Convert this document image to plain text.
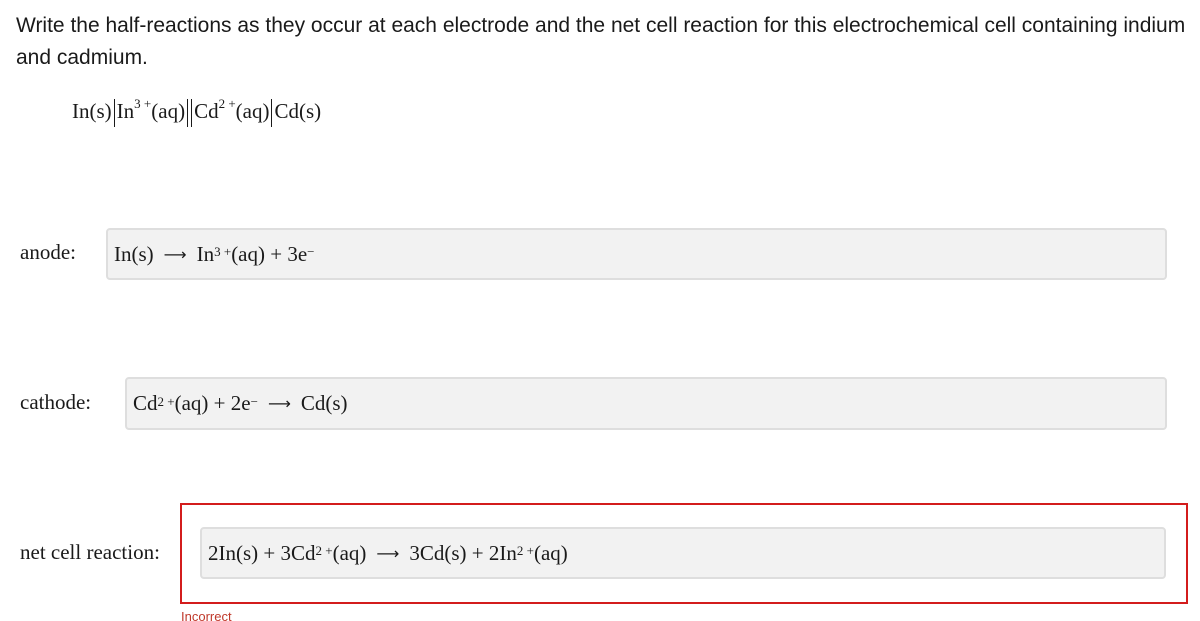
Write the half-reactions as they occur at each electrode and the net cell reaction for this electrochemical cell containing indium and cadmium.
In(s) $In^{3 +}(aq)$ $Cd^{2 +}(aq)$ Cd(s)
anode: In(s) ⟶ $In^{3 +}$ (aq) + 3e−
cathode: $Cd^{2 +}$ (aq) + 2e− ⟶ Cd(s)
net cell reaction: $2In(s) + 3Cd^{2 +}$ (aq) ⟶ $3Cd(s) + 2In^{2 +}$ (aq)
Incorrect
